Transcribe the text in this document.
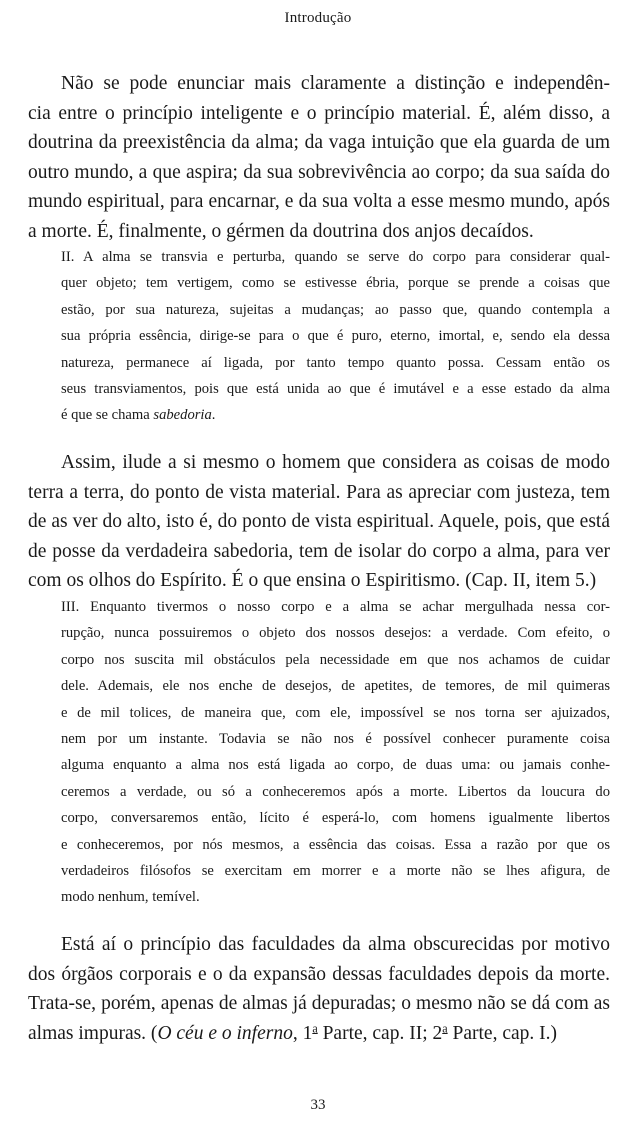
Introdução
Não se pode enunciar mais claramente a distinção e independên-
cia entre o princípio inteligente e o princípio material. É, além disso, a
doutrina da preexistência da alma; da vaga intuição que ela guarda de um
outro mundo, a que aspira; da sua sobrevivência ao corpo; da sua saída do
mundo espiritual, para encarnar, e da sua volta a esse mesmo mundo, após
a morte. É, finalmente, o gérmen da doutrina dos anjos decaídos.
II. A alma se transvia e perturba, quando se serve do corpo para considerar qual-
quer objeto; tem vertigem, como se estivesse ébria, porque se prende a coisas que
estão, por sua natureza, sujeitas a mudanças; ao passo que, quando contempla a
sua própria essência, dirige-se para o que é puro, eterno, imortal, e, sendo ela dessa
natureza, permanece aí ligada, por tanto tempo quanto possa. Cessam então os
seus transviamentos, pois que está unida ao que é imutável e a esse estado da alma
é que se chama sabedoria.
Assim, ilude a si mesmo o homem que considera as coisas de modo
terra a terra, do ponto de vista material. Para as apreciar com justeza, tem
de as ver do alto, isto é, do ponto de vista espiritual. Aquele, pois, que está
de posse da verdadeira sabedoria, tem de isolar do corpo a alma, para ver
com os olhos do Espírito. É o que ensina o Espiritismo. (Cap. II, item 5.)
III. Enquanto tivermos o nosso corpo e a alma se achar mergulhada nessa cor-
rupção, nunca possuiremos o objeto dos nossos desejos: a verdade. Com efeito, o
corpo nos suscita mil obstáculos pela necessidade em que nos achamos de cuidar
dele. Ademais, ele nos enche de desejos, de apetites, de temores, de mil quimeras
e de mil tolices, de maneira que, com ele, impossível se nos torna ser ajuizados,
nem por um instante. Todavia se não nos é possível conhecer puramente coisa
alguma enquanto a alma nos está ligada ao corpo, de duas uma: ou jamais conhe-
ceremos a verdade, ou só a conheceremos após a morte. Libertos da loucura do
corpo, conversaremos então, lícito é esperá-lo, com homens igualmente libertos
e conheceremos, por nós mesmos, a essência das coisas. Essa a razão por que os
verdadeiros filósofos se exercitam em morrer e a morte não se lhes afigura, de
modo nenhum, temível.
Está aí o princípio das faculdades da alma obscurecidas por motivo
dos órgãos corporais e o da expansão dessas faculdades depois da morte.
Trata-se, porém, apenas de almas já depuradas; o mesmo não se dá com as
almas impuras. (O céu e o inferno, 1$^a$ Parte, cap. II; 2$^a$ Parte, cap. I.)
33
